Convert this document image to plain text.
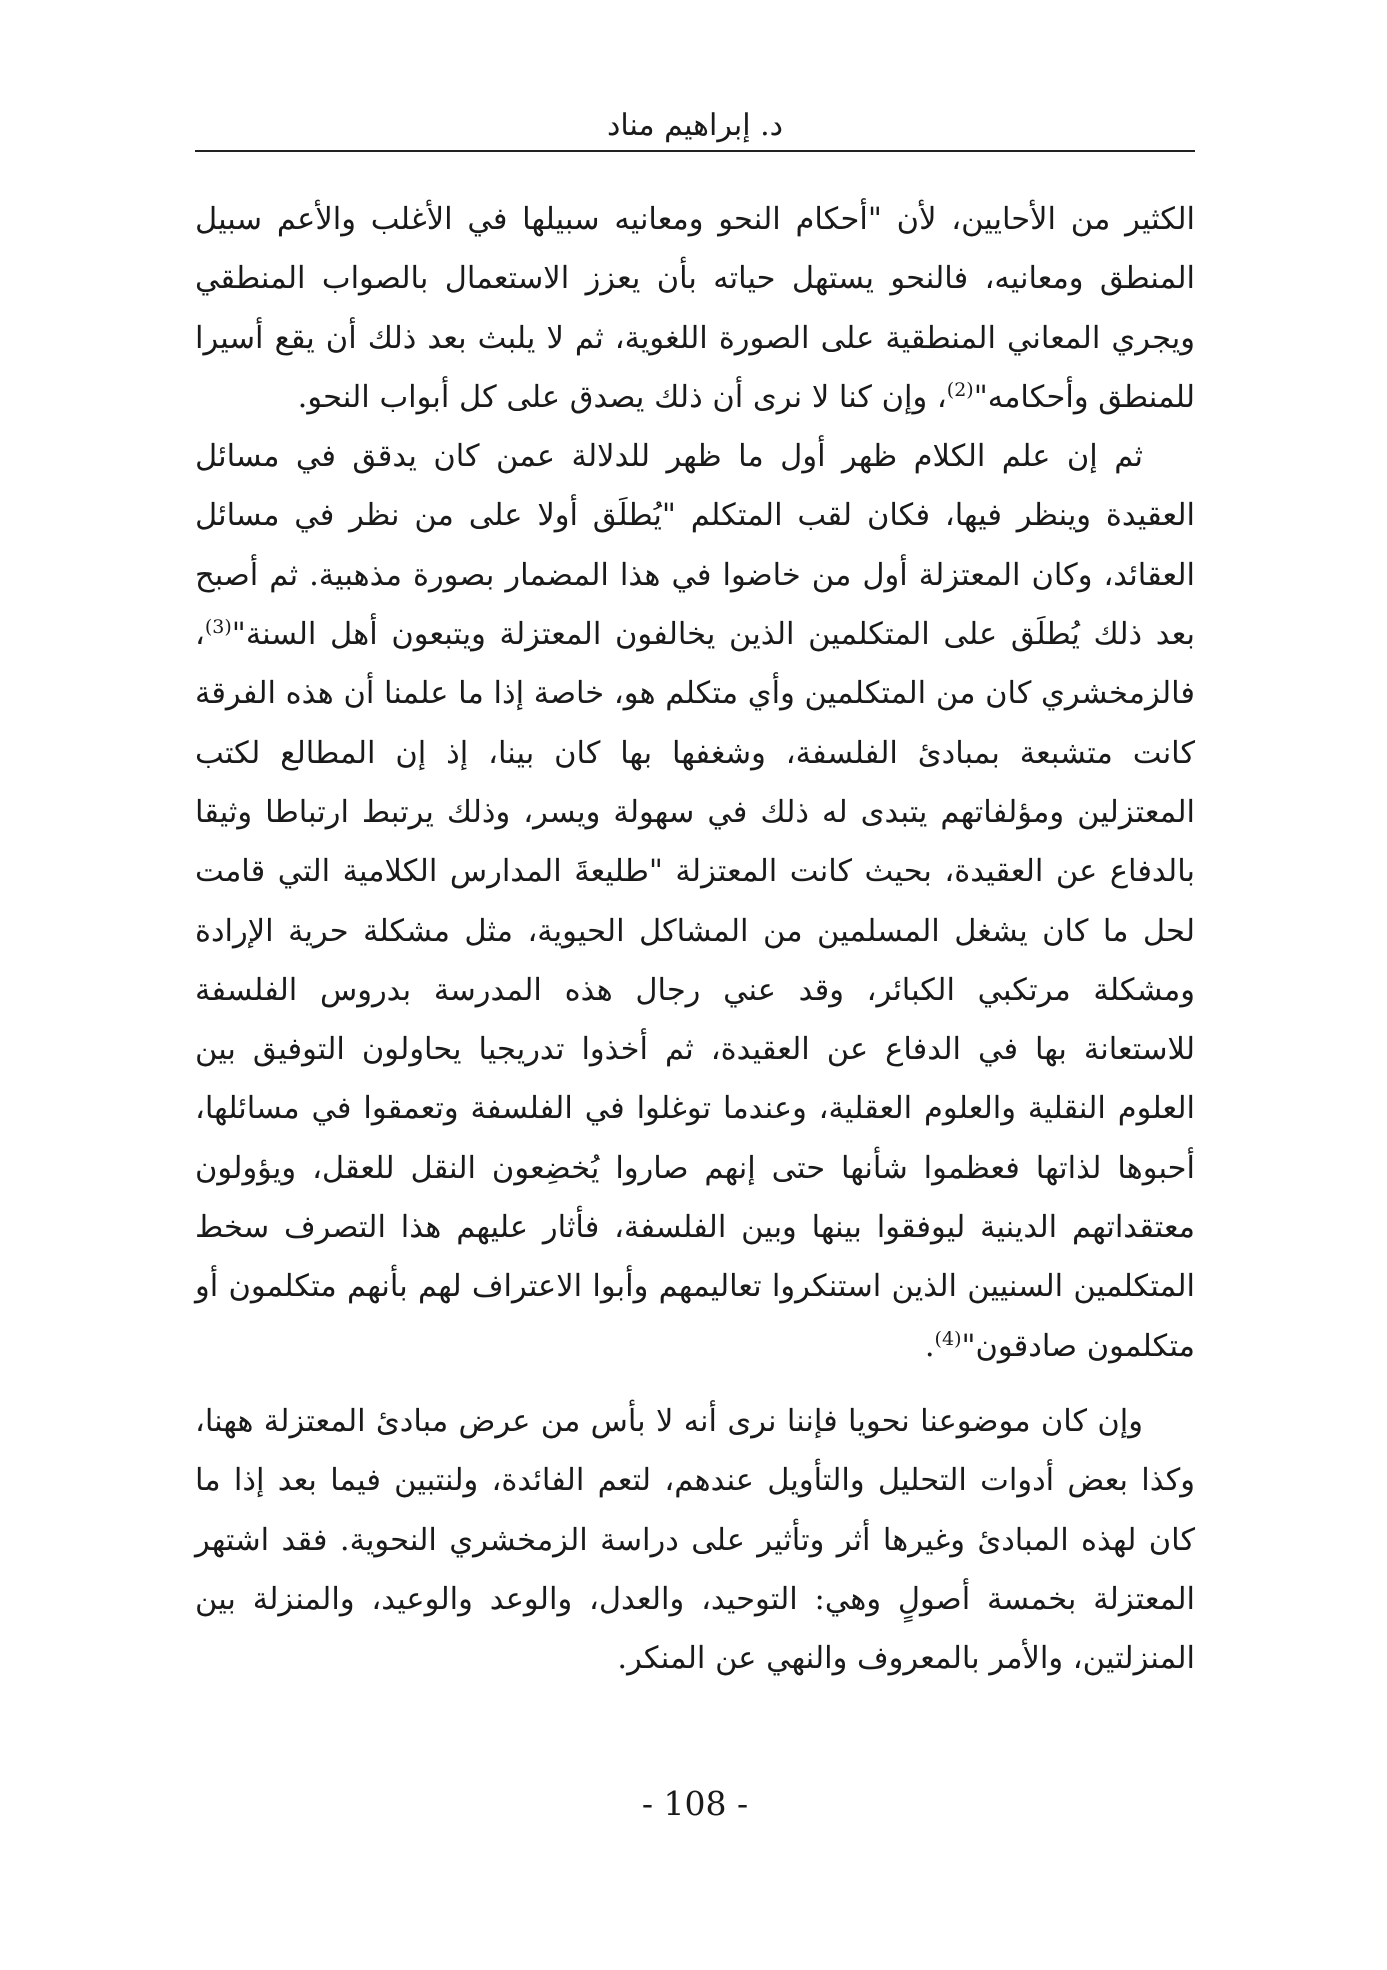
د. إبراهيم مناد

الكثير من الأحايين، لأن "أحكام النحو ومعانيه سبيلها في الأغلب والأعم سبيل المنطق ومعانيه، فالنحو يستهل حياته بأن يعزز الاستعمال بالصواب المنطقي ويجري المعاني المنطقية على الصورة اللغوية، ثم لا يلبث بعد ذلك أن يقع أسيرا للمنطق وأحكامه"$^{(2)}$، وإن كنا لا نرى أن ذلك يصدق على كل أبواب النحو.

ثم إن علم الكلام ظهر أول ما ظهر للدلالة عمن كان يدقق في مسائل العقيدة وينظر فيها، فكان لقب المتكلم "يُطلَق أولا على من نظر في مسائل العقائد، وكان المعتزلة أول من خاضوا في هذا المضمار بصورة مذهبية. ثم أصبح بعد ذلك يُطلَق على المتكلمين الذين يخالفون المعتزلة ويتبعون أهل السنة"$^{(3)}$، فالزمخشري كان من المتكلمين وأي متكلم هو، خاصة إذا ما علمنا أن هذه الفرقة كانت متشبعة بمبادئ الفلسفة، وشغفها بها كان بينا، إذ إن المطالع لكتب المعتزلين ومؤلفاتهم يتبدى له ذلك في سهولة ويسر، وذلك يرتبط ارتباطا وثيقا بالدفاع عن العقيدة، بحيث كانت المعتزلة "طليعةَ المدارس الكلامية التي قامت لحل ما كان يشغل المسلمين من المشاكل الحيوية، مثل مشكلة حرية الإرادة ومشكلة مرتكبي الكبائر، وقد عني رجال هذه المدرسة بدروس الفلسفة للاستعانة بها في الدفاع عن العقيدة، ثم أخذوا تدريجيا يحاولون التوفيق بين العلوم النقلية والعلوم العقلية، وعندما توغلوا في الفلسفة وتعمقوا في مسائلها، أحبوها لذاتها فعظموا شأنها حتى إنهم صاروا يُخضِعون النقل للعقل، ويؤولون معتقداتهم الدينية ليوفقوا بينها وبين الفلسفة، فأثار عليهم هذا التصرف سخط المتكلمين السنيين الذين استنكروا تعاليمهم وأبوا الاعتراف لهم بأنهم متكلمون أو متكلمون صادقون"$^{(4)}$.

وإن كان موضوعنا نحويا فإننا نرى أنه لا بأس من عرض مبادئ المعتزلة ههنا، وكذا بعض أدوات التحليل والتأويل عندهم، لتعم الفائدة، ولنتبين فيما بعد إذا ما كان لهذه المبادئ وغيرها أثر وتأثير على دراسة الزمخشري النحوية. فقد اشتهر المعتزلة بخمسة أصولٍ وهي: التوحيد، والعدل، والوعد والوعيد، والمنزلة بين المنزلتين، والأمر بالمعروف والنهي عن المنكر.

- 108 -
